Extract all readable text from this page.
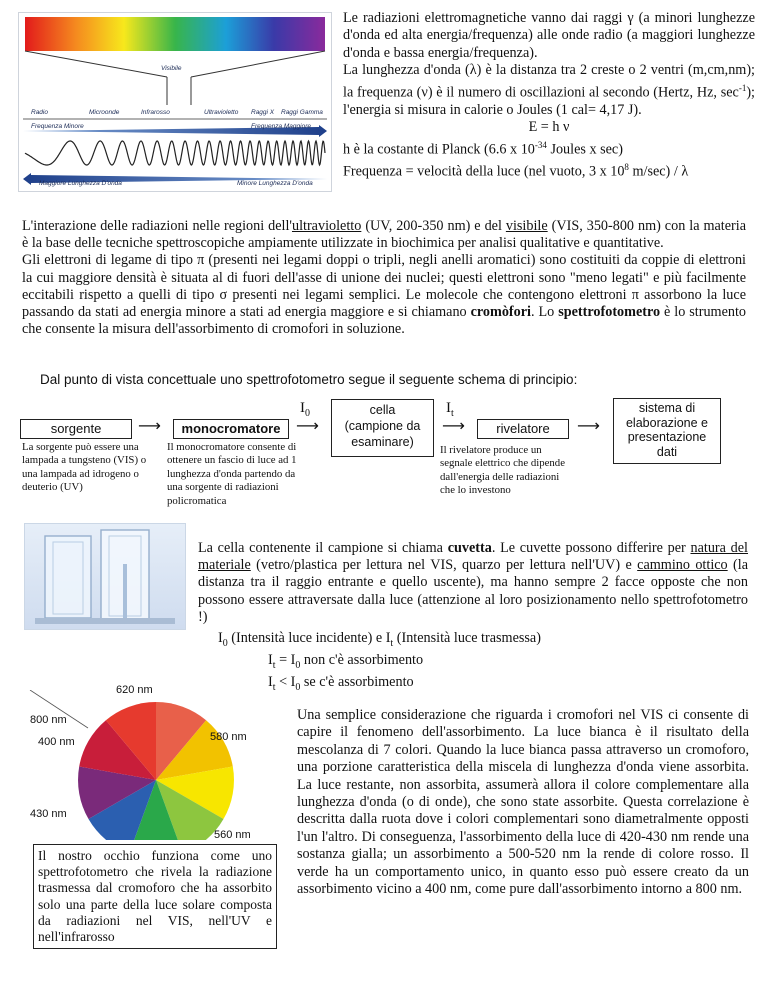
Visibile
Radio	Microonde	Infrarosso	Ultravioletto Raggi X Raggi Gamma
Frequenza Minore	Frequenza Maggiore
Maggiore Lunghezza D'onda	Minore Lunghezza D'onda

Le radiazioni elettromagnetiche vanno dai raggi γ (a minori lunghezze d'onda ed alta energia/frequenza) alle onde radio (a maggiori lunghezze d'onda e bassa energia/frequenza).

La lunghezza d'onda (λ) è la distanza tra 2 creste o 2 ventri (m,cm,nm); la frequenza (ν) è il numero di oscillazioni al secondo (Hertz, Hz, $\sec^{-1}$); l'energia si misura in calorie o Joules (1 cal= 4,17 J).

E = h ν

h è la costante di Planck (6.6 x $10^{-34}$ Joules x sec)

Frequenza = velocità della luce (nel vuoto, 3 x $10^8$ m/sec) / λ

L'interazione delle radiazioni nelle regioni dell'ultravioletto (UV, 200-350 nm) e del visibile (VIS, 350-800 nm) con la materia è la base delle tecniche spettroscopiche ampiamente utilizzate in biochimica per analisi qualitative e quantitative.

Gli elettroni di legame di tipo π (presenti nei legami doppi o tripli, negli anelli aromatici) sono costituiti da coppie di elettroni la cui maggiore densità è situata al di fuori dell'asse di unione dei nuclei; questi elettroni sono "meno legati" e più facilmente eccitabili rispetto a quelli di tipo σ presenti nei legami semplici. Le molecole che contengono elettroni π assorbono la luce passando da stati ad energia minore a stati ad energia maggiore e si chiamano cromòfori. Lo spettrofotometro è lo strumento che consente la misura dell'assorbimento di cromofori in soluzione.

Dal punto di vista concettuale uno spettrofotometro segue il seguente schema di principio:
$I_0$	$I_t$
sorgente	⟶	monocromatore ⟶
cella
(campione da
esaminare)
⟶	rivelatore	⟶
sistema di
elaborazione e
presentazione
dati
La sorgente può essere una lampada a tungsteno (VIS) o una lampada ad idrogeno o deuterio (UV)
Il monocromatore consente di ottenere un fascio di luce ad 1 lunghezza d'onda partendo da una sorgente di radiazioni policromatica
Il rivelatore produce un segnale elettrico che dipende dall'energia delle radiazioni che lo investono
La cella contenente il campione si chiama cuvetta. Le cuvette possono differire per natura del materiale (vetro/plastica per lettura nel VIS, quarzo per lettura nell'UV) e cammino ottico (la distanza tra il raggio entrante e quello uscente), ma hanno sempre 2 facce opposte che non possono essere attraversate dalla luce (attenzione al loro posizionamento nello spettrofotometro !)
$I_0$ (Intensità luce incidente) e $I_t$ (Intensità luce trasmessa)
$I_t = I_0$ non c'è assorbimento
$I_t < I_0$ se c'è assorbimento
620 nm
800 nm
400 nm	580 nm
430 nm
560 nm
Una semplice considerazione che riguarda i cromofori nel VIS ci consente di capire il fenomeno dell'assorbimento. La luce bianca è il risultato della mescolanza di 7 colori. Quando la luce bianca passa attraverso un cromoforo, una porzione caratteristica della miscela di lunghezza d'onda viene assorbita. La luce restante, non assorbita, assumerà allora il colore complementare alla lunghezza d'onda (o di onde), che sono state assorbite. Questa correlazione è descritta dalla ruota dove i colori complementari sono diametralmente opposti l'un l'altro. Di conseguenza, l'assorbimento della luce di 420-430 nm rende una sostanza gialla; un assorbimento a 500-520 nm la rende di colore rosso. Il verde ha un comportamento unico, in quanto esso può essere creato da un assorbimento vicino a 400 nm, come pure dall'assorbimento intorno a 800 nm.
Il nostro occhio funziona come uno spettrofotometro che rivela la radiazione trasmessa dal cromoforo che ha assorbito solo una parte della luce solare composta da radiazioni nel VIS, nell'UV e nell'infrarosso
